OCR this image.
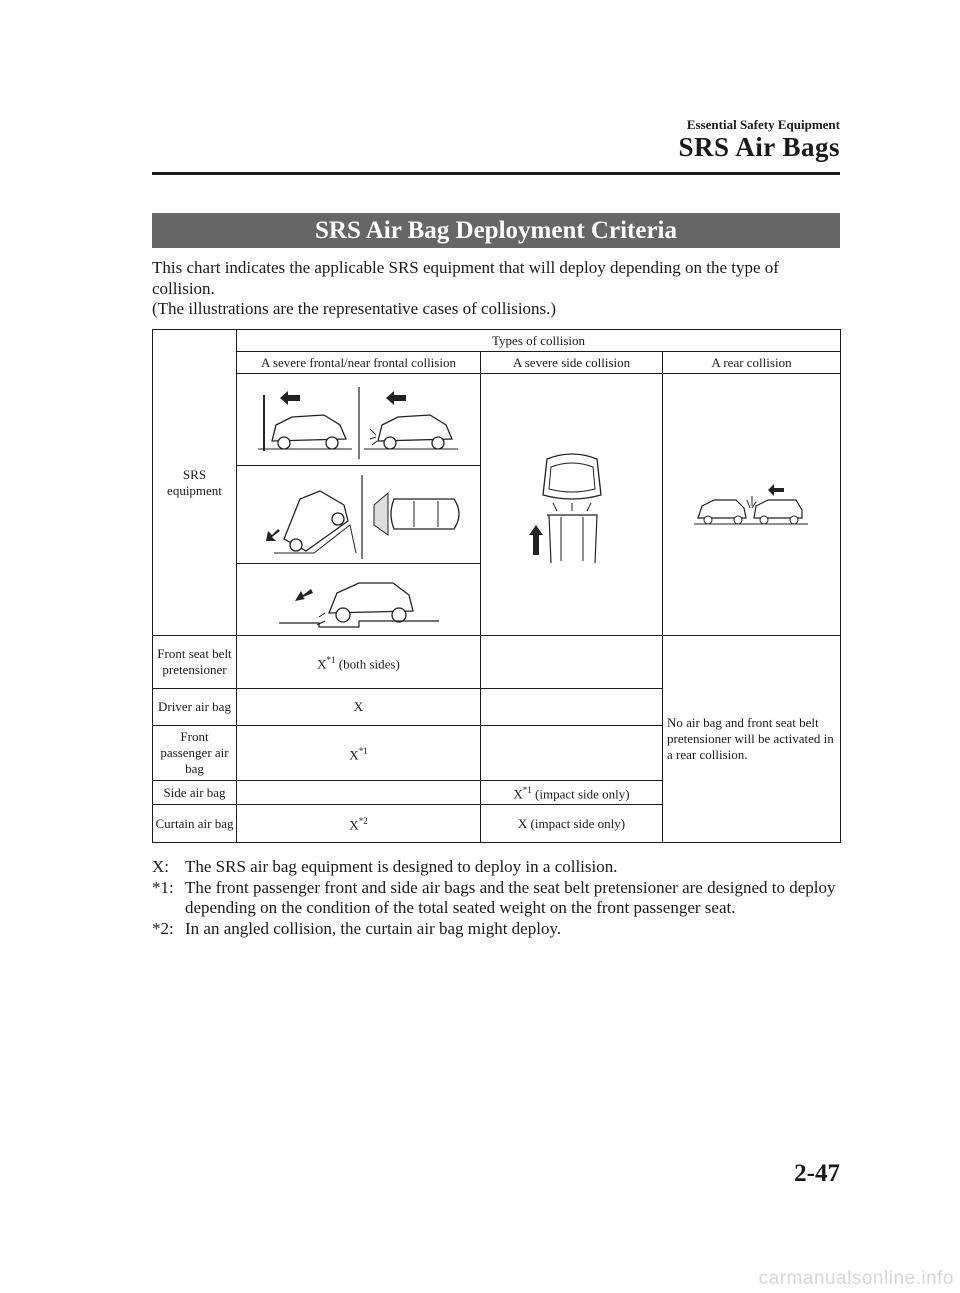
Essential Safety Equipment
SRS Air Bags
SRS Air Bag Deployment Criteria

This chart indicates the applicable SRS equipment that will deploy depending on the type of collision.

(The illustrations are the representative cases of collisions.)

SRS equipment	Types of collision		
	A severe frontal/near frontal collision	A severe side collision	A rear collision

Front seat belt pretensioner	$X^{*1}$ (both sides)		No air bag and front seat belt pretensioner will be activated in a rear collision.
Driver air bag	X		
Front passenger air bag	$X^{*1}$	
Side air bag		$X^{*1}$ (impact side only)	
Curtain air bag	$X^{*2}$	X (impact side only)	
X: The SRS air bag equipment is designed to deploy in a collision.
*1: The front passenger front and side air bags and the seat belt pretensioner are designed to deploy depending on the condition of the total seated weight on the front passenger seat.
*2: In an angled collision, the curtain air bag might deploy.
2-47
carmanualsonline.info
